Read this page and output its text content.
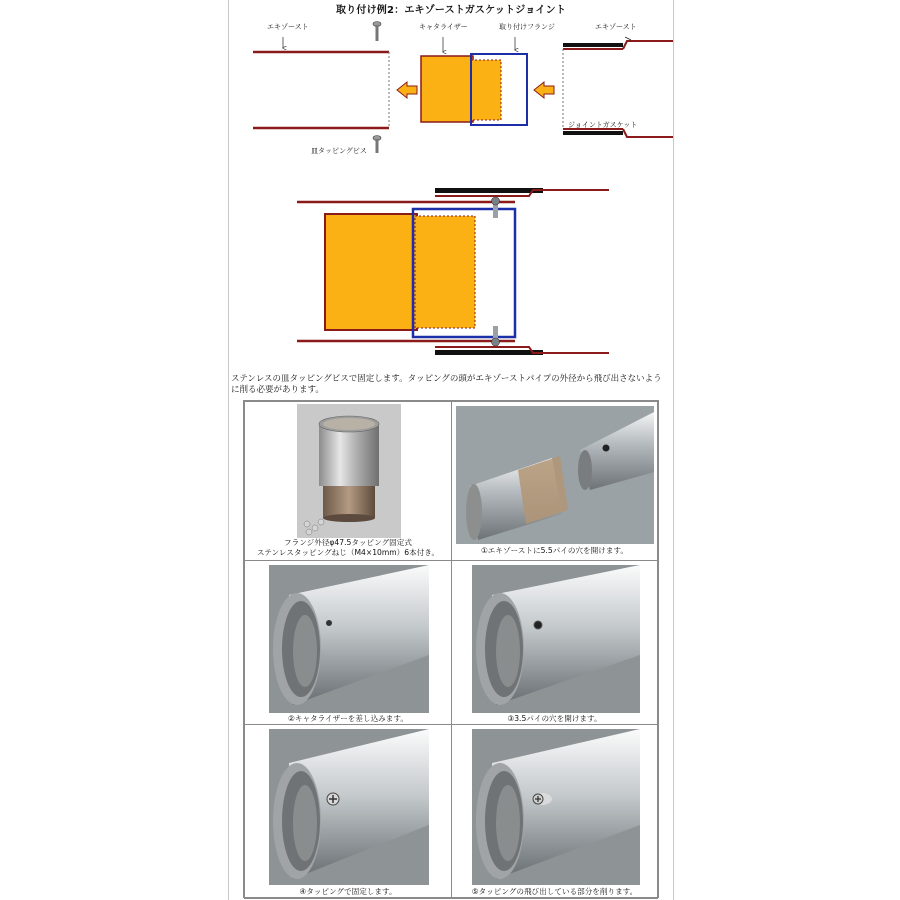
取り付け例2：エキゾーストガスケットジョイント
エキゾースト	キャタライザー	取り付けフランジ	エキゾースト
ジョイントガスケット
皿タッピングビス
ステンレスの皿タッピングビスで固定します。タッピングの頭がエキゾーストパイプの外径から飛び出さないように削る必要があります。
フランジ外径φ47.5タッピング固定式
ステンレスタッピングねじ（M4×10mm）6本付き。	①エキゾーストに5.5パイの穴を開けます。
②キャタライザーを差し込みます。	③3.5パイの穴を開けます。
④タッピングで固定します。	⑤タッピングの飛び出している部分を削ります。
